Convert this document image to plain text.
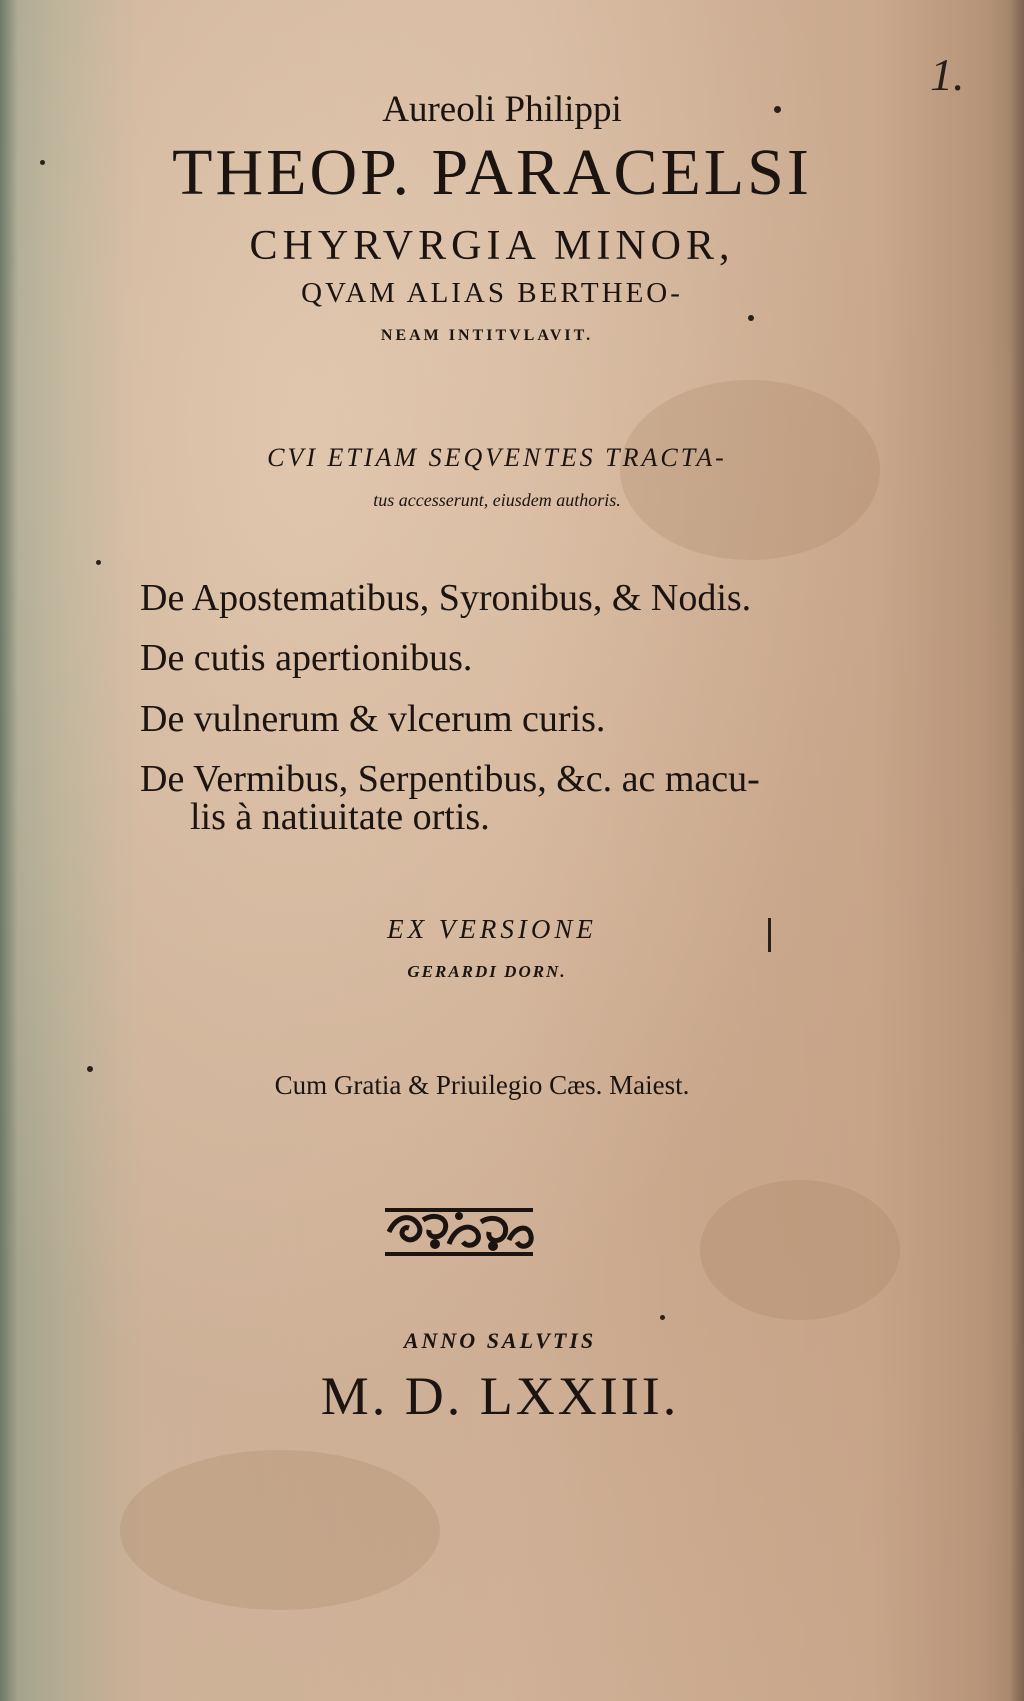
1.

Aureoli Philippi

THEOP. PARACELSI

CHYRVRGIA MINOR,

QVAM ALIAS BERTHEO-

NEAM INTITVLAVIT.

CVI ETIAM SEQVENTES TRACTA-

tus accesserunt, eiusdem authoris.

De Apostematibus, Syronibus, & Nodis.

De cutis apertionibus.

De vulnerum & vlcerum curis.

De Vermibus, Serpentibus, &c. ac macu-

lis à natiuitate ortis.

EX VERSIONE

GERARDI DORN.

Cum Gratia & Priuilegio Cæs. Maiest.

ANNO SALVTIS

M. D. LXXIII.
